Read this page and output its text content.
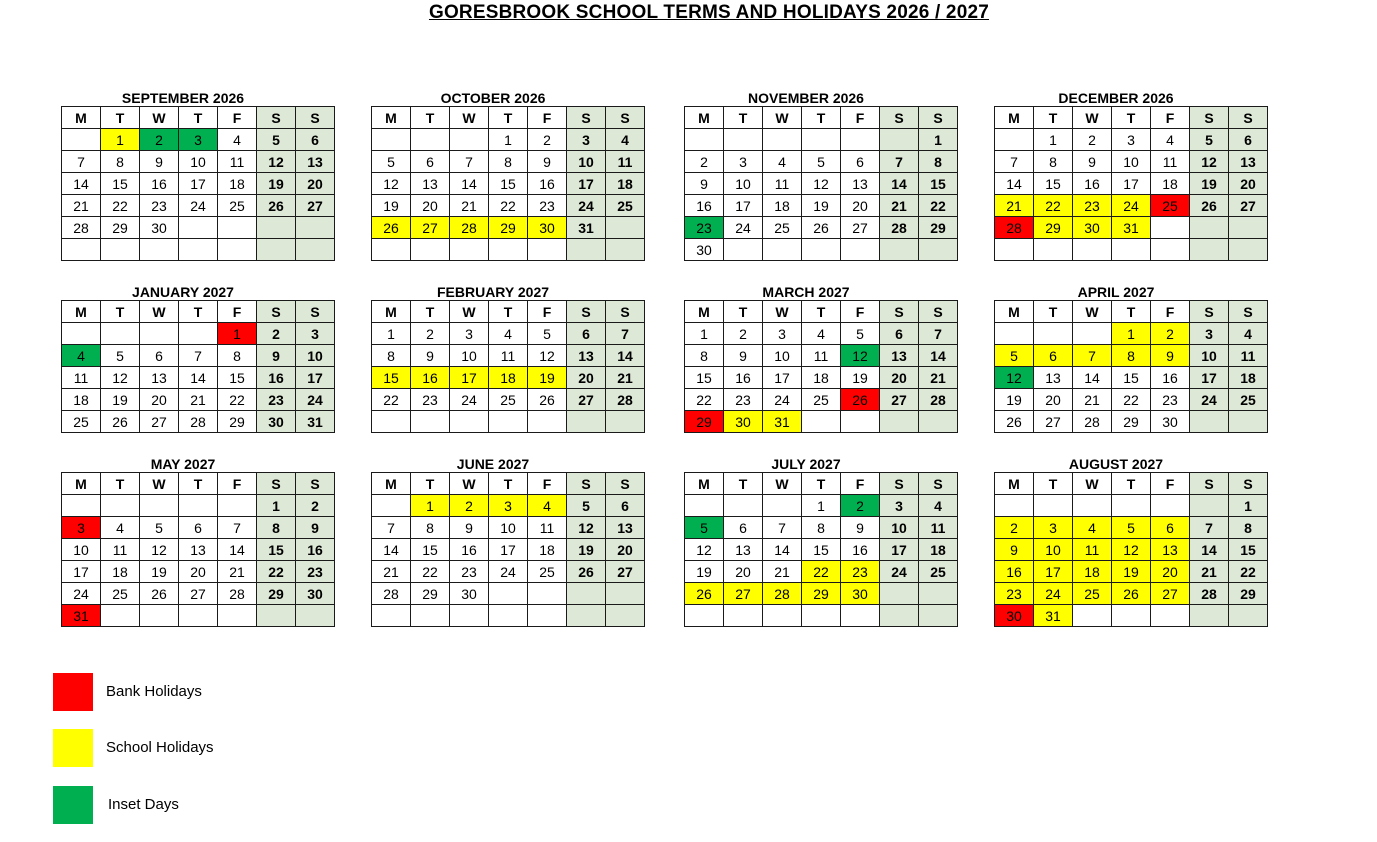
GORESBROOK SCHOOL TERMS AND HOLIDAYS 2026 / 2027
SEPTEMBER 2026
M	T	W	T	F	S	S
	1	2	3	4	5	6
7	8	9	10	11	12	13
14	15	16	17	18	19	20
21	22	23	24	25	26	27
28	29	30				

OCTOBER 2026
M	T	W	T	F	S	S
			1	2	3	4
5	6	7	8	9	10	11
12	13	14	15	16	17	18
19	20	21	22	23	24	25
26	27	28	29	30	31	

NOVEMBER 2026
M	T	W	T	F	S	S
						1
2	3	4	5	6	7	8
9	10	11	12	13	14	15
16	17	18	19	20	21	22
23	24	25	26	27	28	29
30						
DECEMBER 2026
M	T	W	T	F	S	S
	1	2	3	4	5	6
7	8	9	10	11	12	13
14	15	16	17	18	19	20
21	22	23	24	25	26	27
28	29	30	31			

JANUARY 2027
M	T	W	T	F	S	S
				1	2	3
4	5	6	7	8	9	10
11	12	13	14	15	16	17
18	19	20	21	22	23	24
25	26	27	28	29	30	31
FEBRUARY 2027
M	T	W	T	F	S	S
1	2	3	4	5	6	7
8	9	10	11	12	13	14
15	16	17	18	19	20	21
22	23	24	25	26	27	28

MARCH 2027
M	T	W	T	F	S	S
1	2	3	4	5	6	7
8	9	10	11	12	13	14
15	16	17	18	19	20	21
22	23	24	25	26	27	28
29	30	31				
APRIL 2027
M	T	W	T	F	S	S
			1	2	3	4
5	6	7	8	9	10	11
12	13	14	15	16	17	18
19	20	21	22	23	24	25
26	27	28	29	30		
MAY 2027
M	T	W	T	F	S	S
					1	2
3	4	5	6	7	8	9
10	11	12	13	14	15	16
17	18	19	20	21	22	23
24	25	26	27	28	29	30
31						
JUNE 2027
M	T	W	T	F	S	S
	1	2	3	4	5	6
7	8	9	10	11	12	13
14	15	16	17	18	19	20
21	22	23	24	25	26	27
28	29	30				

JULY 2027
M	T	W	T	F	S	S
			1	2	3	4
5	6	7	8	9	10	11
12	13	14	15	16	17	18
19	20	21	22	23	24	25
26	27	28	29	30		

AUGUST 2027
M	T	W	T	F	S	S
						1
2	3	4	5	6	7	8
9	10	11	12	13	14	15
16	17	18	19	20	21	22
23	24	25	26	27	28	29
30	31					
Bank Holidays
School Holidays
Inset Days
